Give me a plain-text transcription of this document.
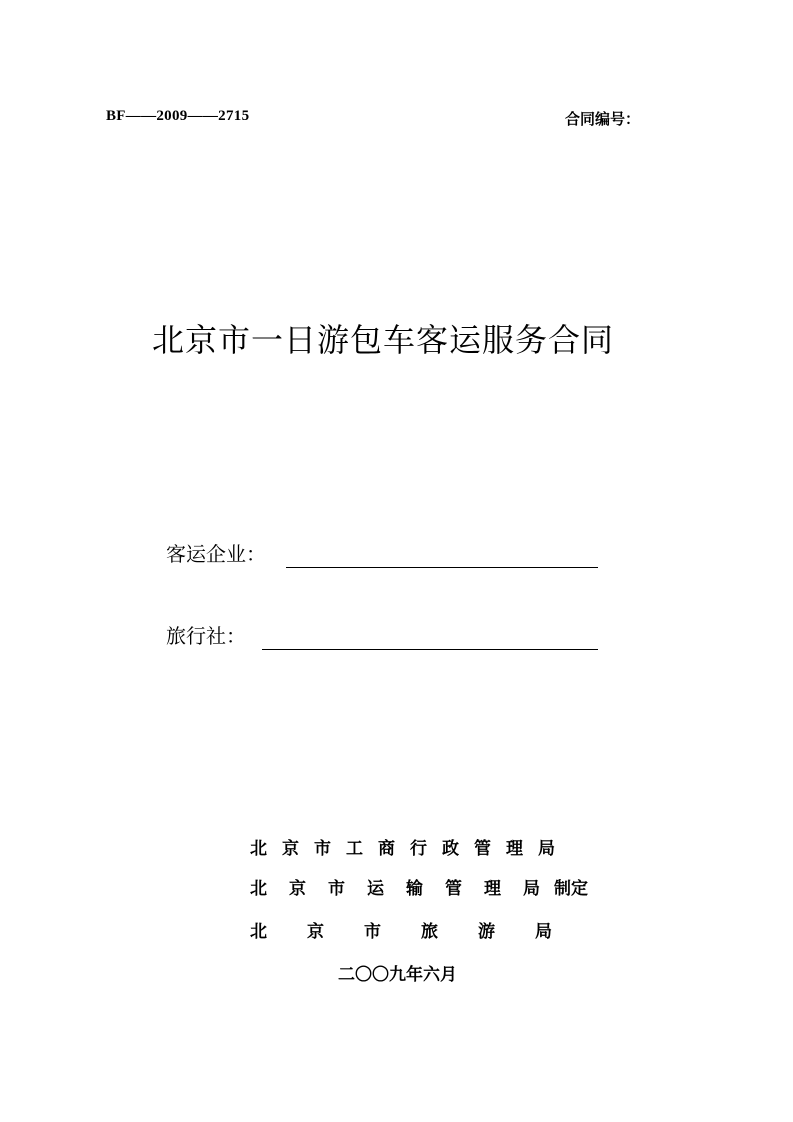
BF——2009——2715	合同编号：
北京市一日游包车客运服务合同
客运企业：
旅行社：
北 京 市 工 商 行 政 管 理 局
北 京 市 运 输 管 理 局 制定
北 京 市 旅 游 局
二〇〇九年六月
